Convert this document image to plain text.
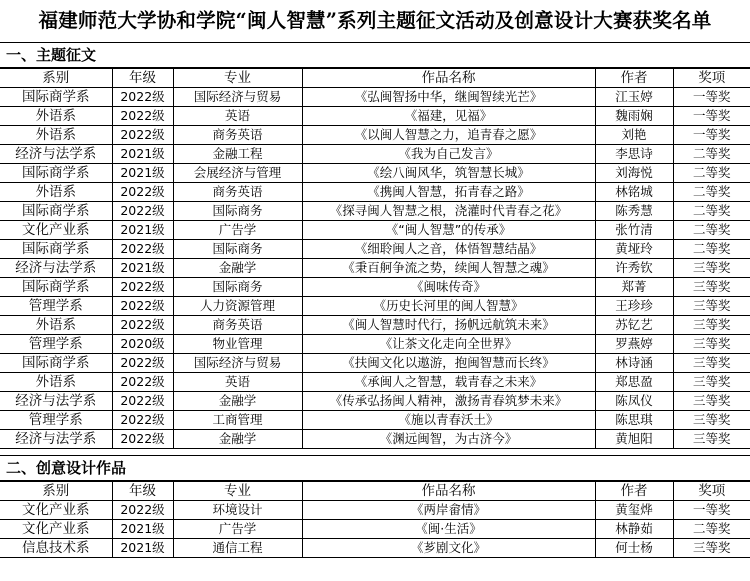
福建师范大学协和学院“闽人智慧”系列主题征文活动及创意设计大赛获奖名单
一、主题征文
系别	年级	专业	作品名称	作者	奖项
国际商学系	2022级	国际经济与贸易	《弘闽智扬中华，继闽智续光芒》	江玉婷	一等奖
外语系	2022级	英语	《福建，见福》	魏雨娴	一等奖
外语系	2022级	商务英语	《以闽人智慧之力，追青春之愿》	刘艳	一等奖
经济与法学系	2021级	金融工程	《我为自己发言》	李思诗	二等奖
国际商学系	2021级	会展经济与管理	《绘八闽风华，筑智慧长城》	刘海悦	二等奖
外语系	2022级	商务英语	《携闽人智慧，拓青春之路》	林铭城	二等奖
国际商学系	2022级	国际商务	《探寻闽人智慧之根，浇灌时代青春之花》	陈秀慧	二等奖
文化产业系	2021级	广告学	《“闽人智慧”的传承》	张竹清	二等奖
国际商学系	2022级	国际商务	《细聆闽人之音，体悟智慧结晶》	黄垭玲	二等奖
经济与法学系	2021级	金融学	《秉百舸争流之势，续闽人智慧之魂》	许秀钦	三等奖
国际商学系	2022级	国际商务	《闽味传奇》	郑菁	三等奖
管理学系	2022级	人力资源管理	《历史长河里的闽人智慧》	王珍珍	三等奖
外语系	2022级	商务英语	《闽人智慧时代行，扬帆远航筑未来》	苏钇艺	三等奖
管理学系	2020级	物业管理	《让茶文化走向全世界》	罗燕婷	三等奖
国际商学系	2022级	国际经济与贸易	《扶闽文化以遨游，抱闽智慧而长终》	林诗涵	三等奖
外语系	2022级	英语	《承闽人之智慧，载青春之未来》	郑思盈	三等奖
经济与法学系	2022级	金融学	《传承弘扬闽人精神，激扬青春筑梦未来》	陈凤仪	三等奖
管理学系	2022级	工商管理	《施以青春沃土》	陈思琪	三等奖
经济与法学系	2022级	金融学	《渊远闽智，为古济今》	黄旭阳	三等奖
二、创意设计作品
系别	年级	专业	作品名称	作者	奖项
文化产业系	2022级	环境设计	《两岸畲情》	黄玺烨	一等奖
文化产业系	2021级	广告学	《闽·生活》	林静茹	二等奖
信息技术系	2021级	通信工程	《芗剧文化》	何士杨	三等奖
